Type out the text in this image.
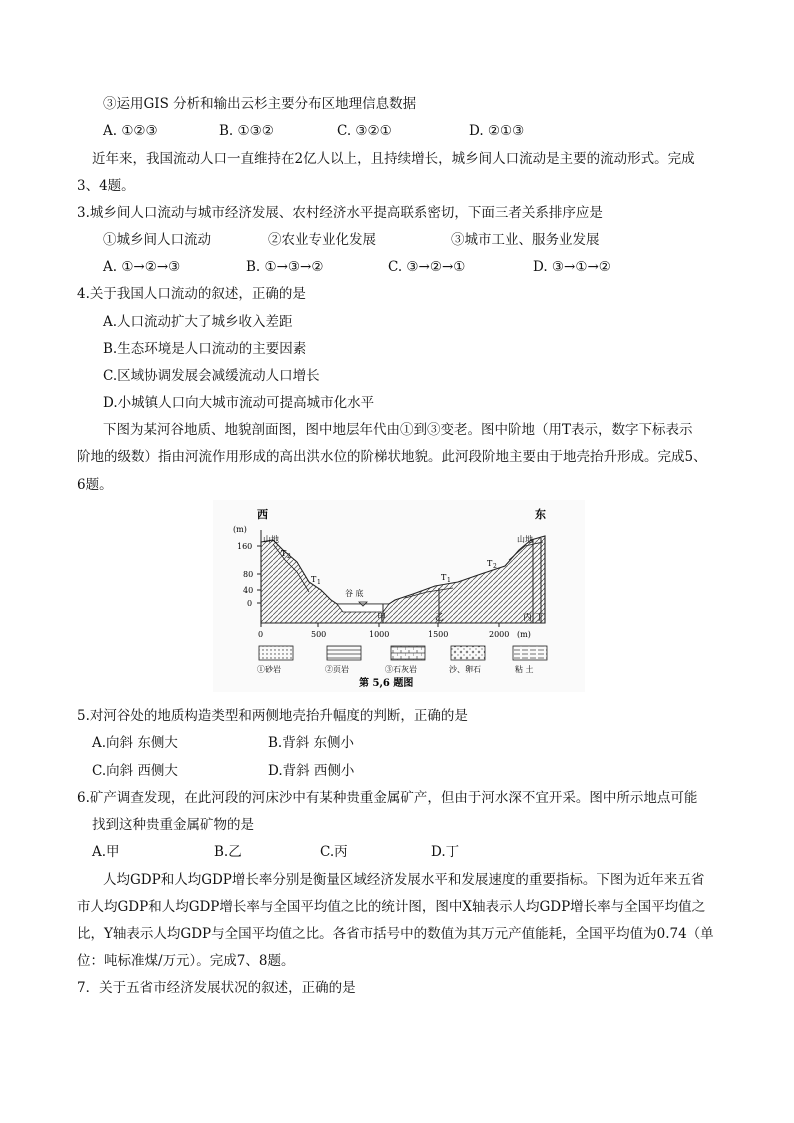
③运用GIS 分析和输出云杉主要分布区地理信息数据
A. ①②③	B. ①③②	C. ③②①	D. ②①③
近年来，我国流动人口一直维持在2亿人以上，且持续增长，城乡间人口流动是主要的流动形式。完成
3、4题。
3.城乡间人口流动与城市经济发展、农村经济水平提高联系密切，下面三者关系排序应是
①城乡间人口流动	②农业专业化发展	③城市工业、服务业发展
A. ①→②→③	B. ①→③→②	C. ③→②→①	D. ③→①→②
4.关于我国人口流动的叙述，正确的是
A.人口流动扩大了城乡收入差距
B.生态环境是人口流动的主要因素
C.区域协调发展会减缓流动人口增长
D.小城镇人口向大城市流动可提高城市化水平
下图为某河谷地质、地貌剖面图，图中地层年代由①到③变老。图中阶地（用T表示，数字下标表示
阶地的级数）指由河流作用形成的高出洪水位的阶梯状地貌。此河段阶地主要由于地壳抬升形成。完成5、
6题。
西	东
(m)
山地	山地
T 2
T 1
T 1
T 2
谷 底
160
80
40
0
0	500	1000	1500	2000 (m)
甲	乙	丙 丁
①砂岩	②页岩	③石灰岩	沙、卵石	粘 土
第 5,6 题图
5.对河谷处的地质构造类型和两侧地壳抬升幅度的判断，正确的是
A.向斜 东侧大	B.背斜 东侧小
C.向斜 西侧大	D.背斜 西侧小
6.矿产调查发现，在此河段的河床沙中有某种贵重金属矿产，但由于河水深不宜开采。图中所示地点可能
找到这种贵重金属矿物的是
A.甲	B.乙	C.丙	D.丁
人均GDP和人均GDP增长率分别是衡量区域经济发展水平和发展速度的重要指标。下图为近年来五省
市人均GDP和人均GDP增长率与全国平均值之比的统计图，图中X轴表示人均GDP增长率与全国平均值之
比，Y轴表示人均GDP与全国平均值之比。各省市括号中的数值为其万元产值能耗，全国平均值为0.74（单
位：吨标准煤/万元）。完成7、8题。
7．关于五省市经济发展状况的叙述，正确的是
